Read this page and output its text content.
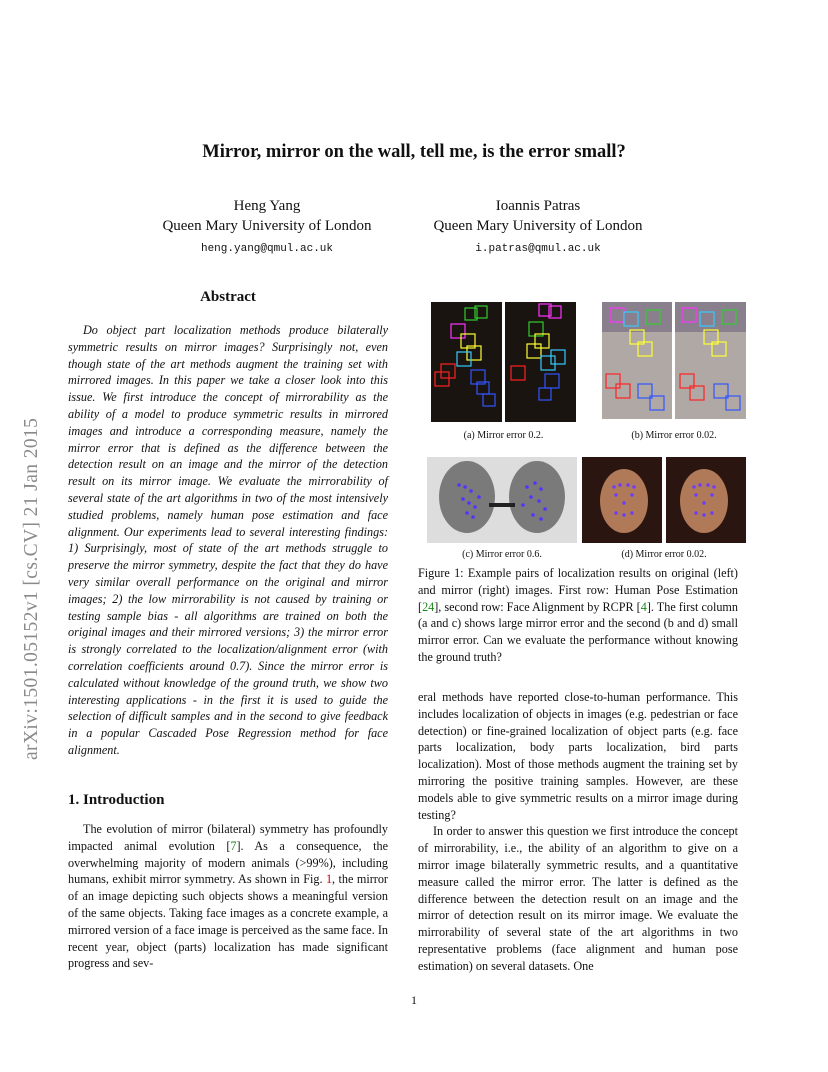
arXiv:1501.05152v1 [cs.CV] 21 Jan 2015
Mirror, mirror on the wall, tell me, is the error small?
Heng Yang
Queen Mary University of London
heng.yang@qmul.ac.uk
Ioannis Patras
Queen Mary University of London
i.patras@qmul.ac.uk
Abstract
Do object part localization methods produce bilaterally symmetric results on mirror images? Surprisingly not, even though state of the art methods augment the training set with mirrored images. In this paper we take a closer look into this issue. We first introduce the concept of mirrorability as the ability of a model to produce symmetric results in mirrored images and introduce a corresponding measure, namely the mirror error that is defined as the difference between the detection result on an image and the mirror of the detection result on its mirror image. We evaluate the mirrorability of several state of the art algorithms in two of the most intensively studied problems, namely human pose estimation and face alignment. Our experiments lead to several interesting findings: 1) Surprisingly, most of state of the art methods struggle to preserve the mirror symmetry, despite the fact that they do have very similar overall performance on the original and mirror images; 2) the low mirrorability is not caused by training or testing sample bias - all algorithms are trained on both the original images and their mirrored versions; 3) the mirror error is strongly correlated to the localization/alignment error (with correlation coefficients around 0.7). Since the mirror error is calculated without knowledge of the ground truth, we show two interesting applications - in the first it is used to guide the selection of difficult samples and in the second to give feedback in a popular Cascaded Pose Regression method for face alignment.
1. Introduction

The evolution of mirror (bilateral) symmetry has profoundly impacted animal evolution [7]. As a consequence, the overwhelming majority of modern animals (>99%), including humans, exhibit mirror symmetry. As shown in Fig. 1, the mirror of an image depicting such objects shows a meaningful version of the same objects. Taking face images as a concrete example, a mirrored version of a face image is perceived as the same face. In recent year, object (parts) localization has made significant progress and sev-

(a) Mirror error 0.2.	(b) Mirror error 0.02.
(c) Mirror error 0.6.	(d) Mirror error 0.02.

Figure 1: Example pairs of localization results on original (left) and mirror (right) images. First row: Human Pose Estimation [24], second row: Face Alignment by RCPR [4]. The first column (a and c) shows large mirror error and the second (b and d) small mirror error. Can we evaluate the performance without knowing the ground truth?

eral methods have reported close-to-human performance. This includes localization of objects in images (e.g. pedestrian or face detection) or fine-grained localization of object parts (e.g. face parts localization, body parts localization, bird parts localization). Most of those methods augment the training set by mirroring the positive training samples. However, are these models able to give symmetric results on a mirror image during testing?

In order to answer this question we first introduce the concept of mirrorability, i.e., the ability of an algorithm to give on a mirror image bilaterally symmetric results, and a quantitative measure called the mirror error. The latter is defined as the difference between the detection result on an image and the mirror of detection result on its mirror image. We evaluate the mirrorability of several state of the art algorithms in two representative problems (face alignment and human pose estimation) on several datasets. One

1
